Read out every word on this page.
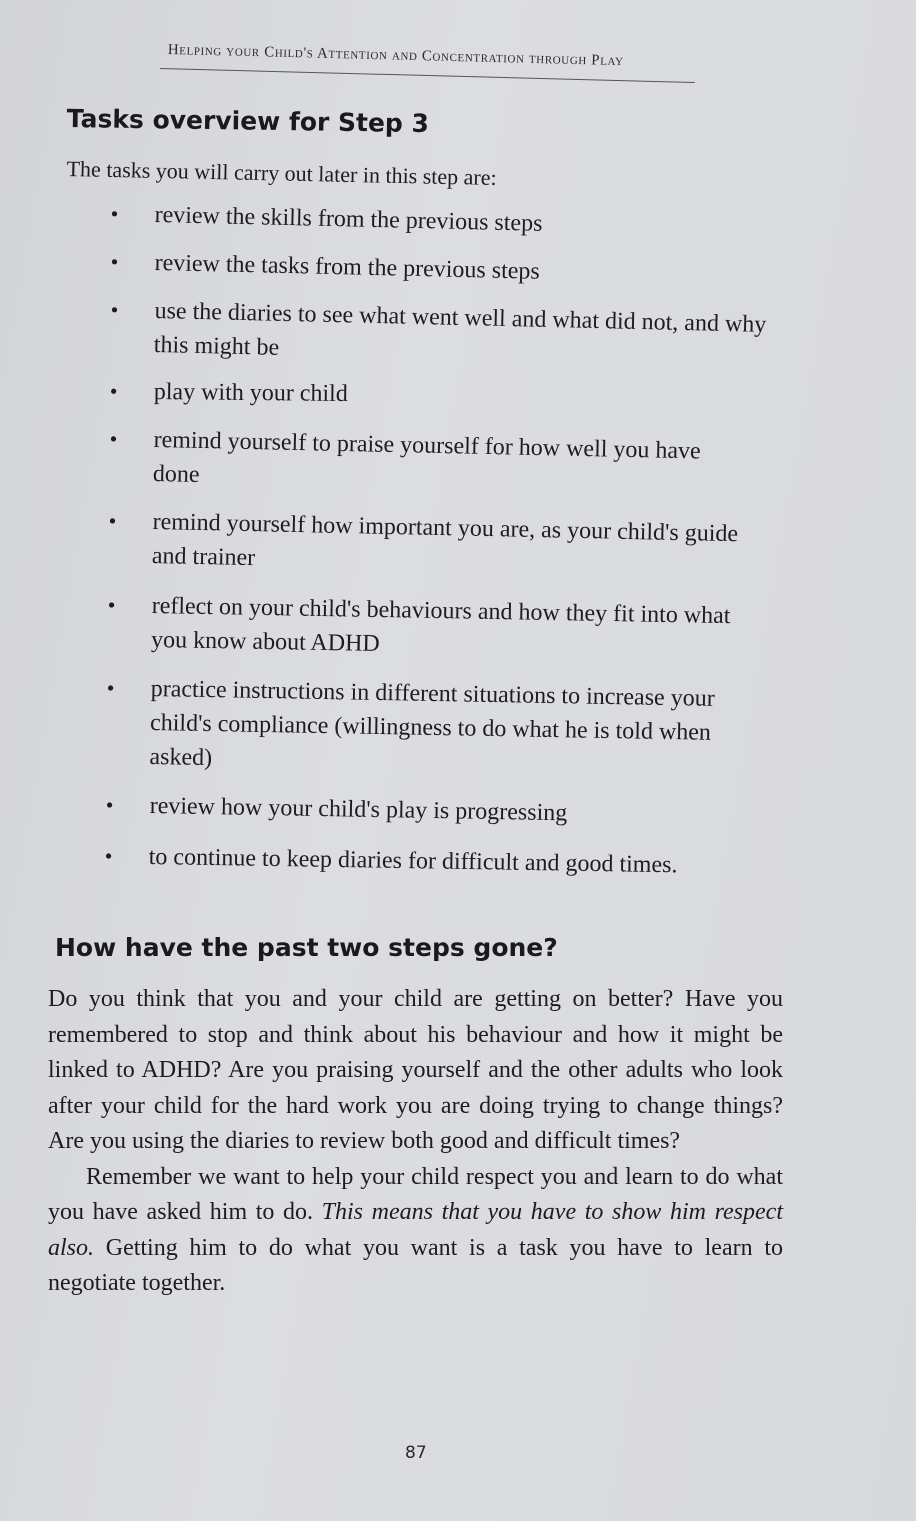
Helping your Child's Attention and Concentration through Play
Tasks overview for Step 3
The tasks you will carry out later in this step are:
• review the skills from the previous steps
• review the tasks from the previous steps
• use the diaries to see what went well and what did not, and why this might be
• play with your child
• remind yourself to praise yourself for how well you have done
• remind yourself how important you are, as your child's guide and trainer
• reflect on your child's behaviours and how they fit into what you know about ADHD
• practice instructions in different situations to increase your child's compliance (willingness to do what he is told when asked)
• review how your child's play is progressing
• to continue to keep diaries for difficult and good times.
How have the past two steps gone?

Do you think that you and your child are getting on better? Have you remembered to stop and think about his behaviour and how it might be linked to ADHD? Are you praising yourself and the other adults who look after your child for the hard work you are doing trying to change things? Are you using the diaries to review both good and difficult times?

Remember we want to help your child respect you and learn to do what you have asked him to do. This means that you have to show him respect also. Getting him to do what you want is a task you have to learn to negotiate together.

87
